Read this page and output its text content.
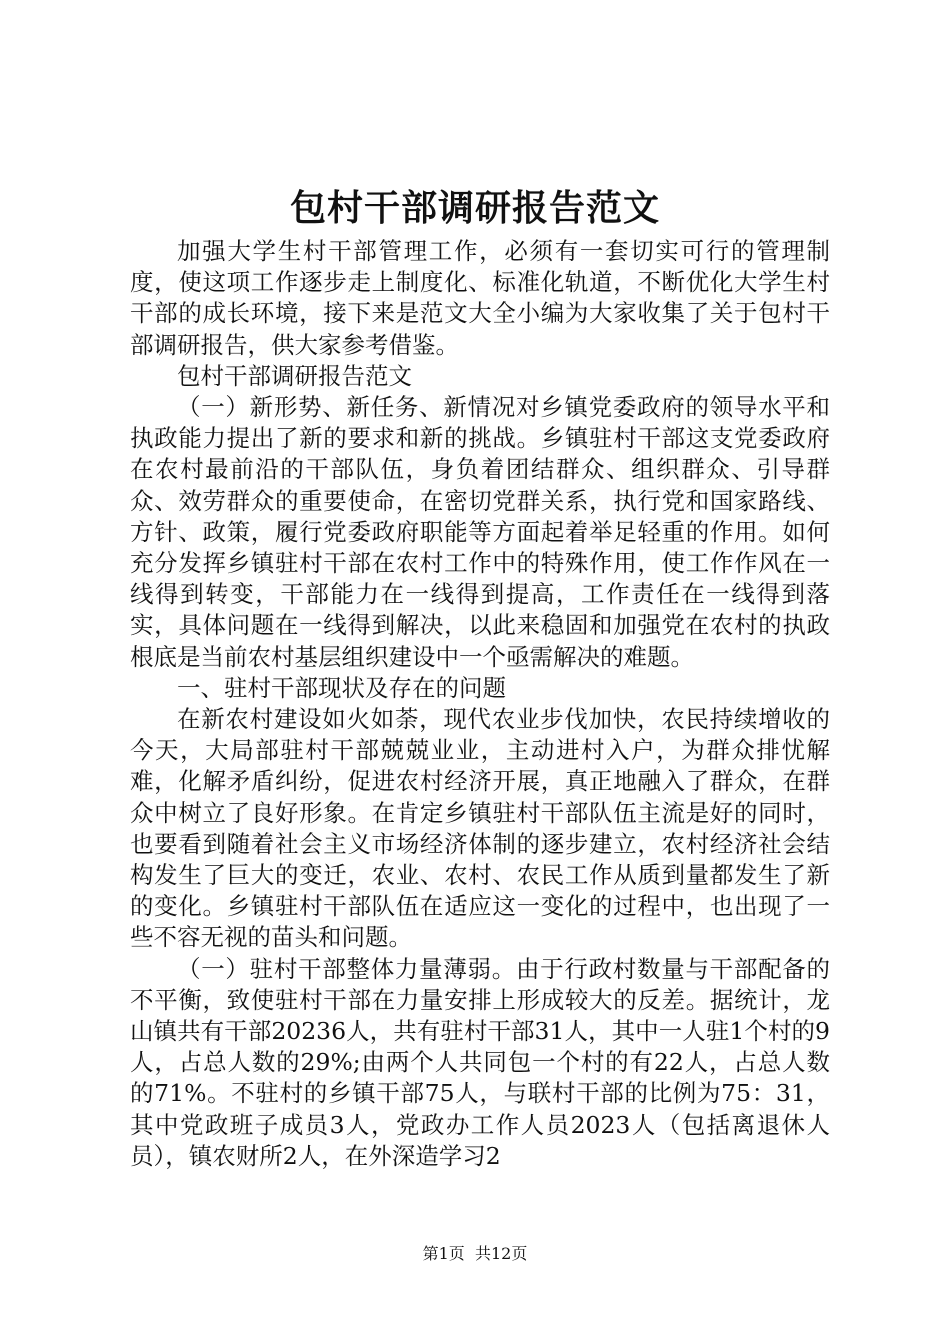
包村干部调研报告范文

加强大学生村干部管理工作，必须有一套切实可行的管理制度，使这项工作逐步走上制度化、标准化轨道，不断优化大学生村干部的成长环境，接下来是范文大全小编为大家收集了关于包村干部调研报告，供大家参考借鉴。

包村干部调研报告范文

（一）新形势、新任务、新情况对乡镇党委政府的领导水平和执政能力提出了新的要求和新的挑战。乡镇驻村干部这支党委政府在农村最前沿的干部队伍，身负着团结群众、组织群众、引导群众、效劳群众的重要使命，在密切党群关系，执行党和国家路线、方针、政策，履行党委政府职能等方面起着举足轻重的作用。如何充分发挥乡镇驻村干部在农村工作中的特殊作用，使工作作风在一线得到转变，干部能力在一线得到提高，工作责任在一线得到落实，具体问题在一线得到解决，以此来稳固和加强党在农村的执政根底是当前农村基层组织建设中一个亟需解决的难题。

一、驻村干部现状及存在的问题

在新农村建设如火如荼，现代农业步伐加快，农民持续增收的今天，大局部驻村干部兢兢业业，主动进村入户，为群众排忧解难，化解矛盾纠纷，促进农村经济开展，真正地融入了群众，在群众中树立了良好形象。在肯定乡镇驻村干部队伍主流是好的同时，也要看到随着社会主义市场经济体制的逐步建立，农村经济社会结构发生了巨大的变迁，农业、农村、农民工作从质到量都发生了新的变化。乡镇驻村干部队伍在适应这一变化的过程中，也出现了一些不容无视的苗头和问题。

（一）驻村干部整体力量薄弱。由于行政村数量与干部配备的不平衡，致使驻村干部在力量安排上形成较大的反差。据统计，龙山镇共有干部20236人，共有驻村干部31人，其中一人驻1个村的9人，占总人数的29%;由两个人共同包一个村的有22人，占总人数的71%。不驻村的乡镇干部75人，与联村干部的比例为75：31，其中党政班子成员3人，党政办工作人员2023人（包括离退休人员），镇农财所2人，在外深造学习2

第1页 共12页
